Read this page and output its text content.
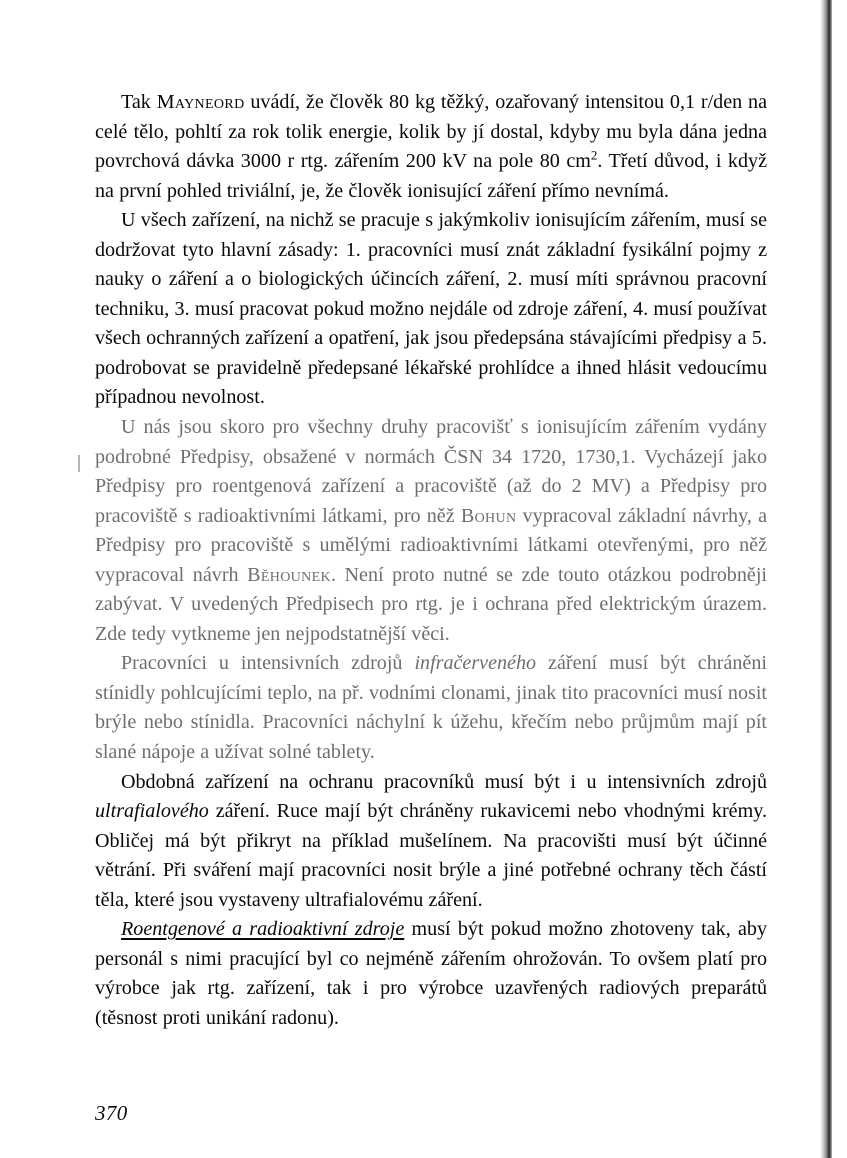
Tak Mayneord uvádí, že člověk 80 kg těžký, ozařovaný intensitou 0,1 r/den na celé tělo, pohltí za rok tolik energie, kolik by jí dostal, kdyby mu byla dána jedna povrchová dávka 3000 r rtg. zářením 200 kV na pole 80 $cm^2$. Třetí důvod, i když na první pohled triviální, je, že člověk ionisující záření přímo nevnímá.

U všech zařízení, na nichž se pracuje s jakýmkoliv ionisujícím zářením, musí se dodržovat tyto hlavní zásady: 1. pracovníci musí znát základní fysikální pojmy z nauky o záření a o biologických účincích záření, 2. musí míti správnou pracovní techniku, 3. musí pracovat pokud možno nejdále od zdroje záření, 4. musí používat všech ochranných zařízení a opatření, jak jsou předepsána stávajícími předpisy a 5. podrobovat se pravidelně předepsané lékařské prohlídce a ihned hlásit vedoucímu případnou nevolnost.

U nás jsou skoro pro všechny druhy pracovišť s ionisujícím zářením vydány podrobné Předpisy, obsažené v normách ČSN 34 1720, 1730,1. Vycházejí jako Předpisy pro roentgenová zařízení a pracoviště (až do 2 MV) a Předpisy pro pracoviště s radioaktivními látkami, pro něž Bohun vypracoval základní návrhy, a Předpisy pro pracoviště s umělými radioaktivními látkami otevřenými, pro něž vypracoval návrh Běhounek. Není proto nutné se zde touto otázkou podrobněji zabývat. V uvedených Předpisech pro rtg. je i ochrana před elektrickým úrazem. Zde tedy vytkneme jen nejpodstatnější věci.

Pracovníci u intensivních zdrojů infračerveného záření musí být chráněni stínidly pohlcujícími teplo, na př. vodními clonami, jinak tito pracovníci musí nosit brýle nebo stínidla. Pracovníci náchylní k úžehu, křečím nebo průjmům mají pít slané nápoje a užívat solné tablety.

Obdobná zařízení na ochranu pracovníků musí být i u intensivních zdrojů ultrafialového záření. Ruce mají být chráněny rukavicemi nebo vhodnými krémy. Obličej má být přikryt na příklad mušelínem. Na pracovišti musí být účinné větrání. Při sváření mají pracovníci nosit brýle a jiné potřebné ochrany těch částí těla, které jsou vystaveny ultrafialovému záření.

Roentgenové a radioaktivní zdroje musí být pokud možno zhotoveny tak, aby personál s nimi pracující byl co nejméně zářením ohrožován. To ovšem platí pro výrobce jak rtg. zařízení, tak i pro výrobce uzavřených radiových preparátů (těsnost proti unikání radonu).

370
